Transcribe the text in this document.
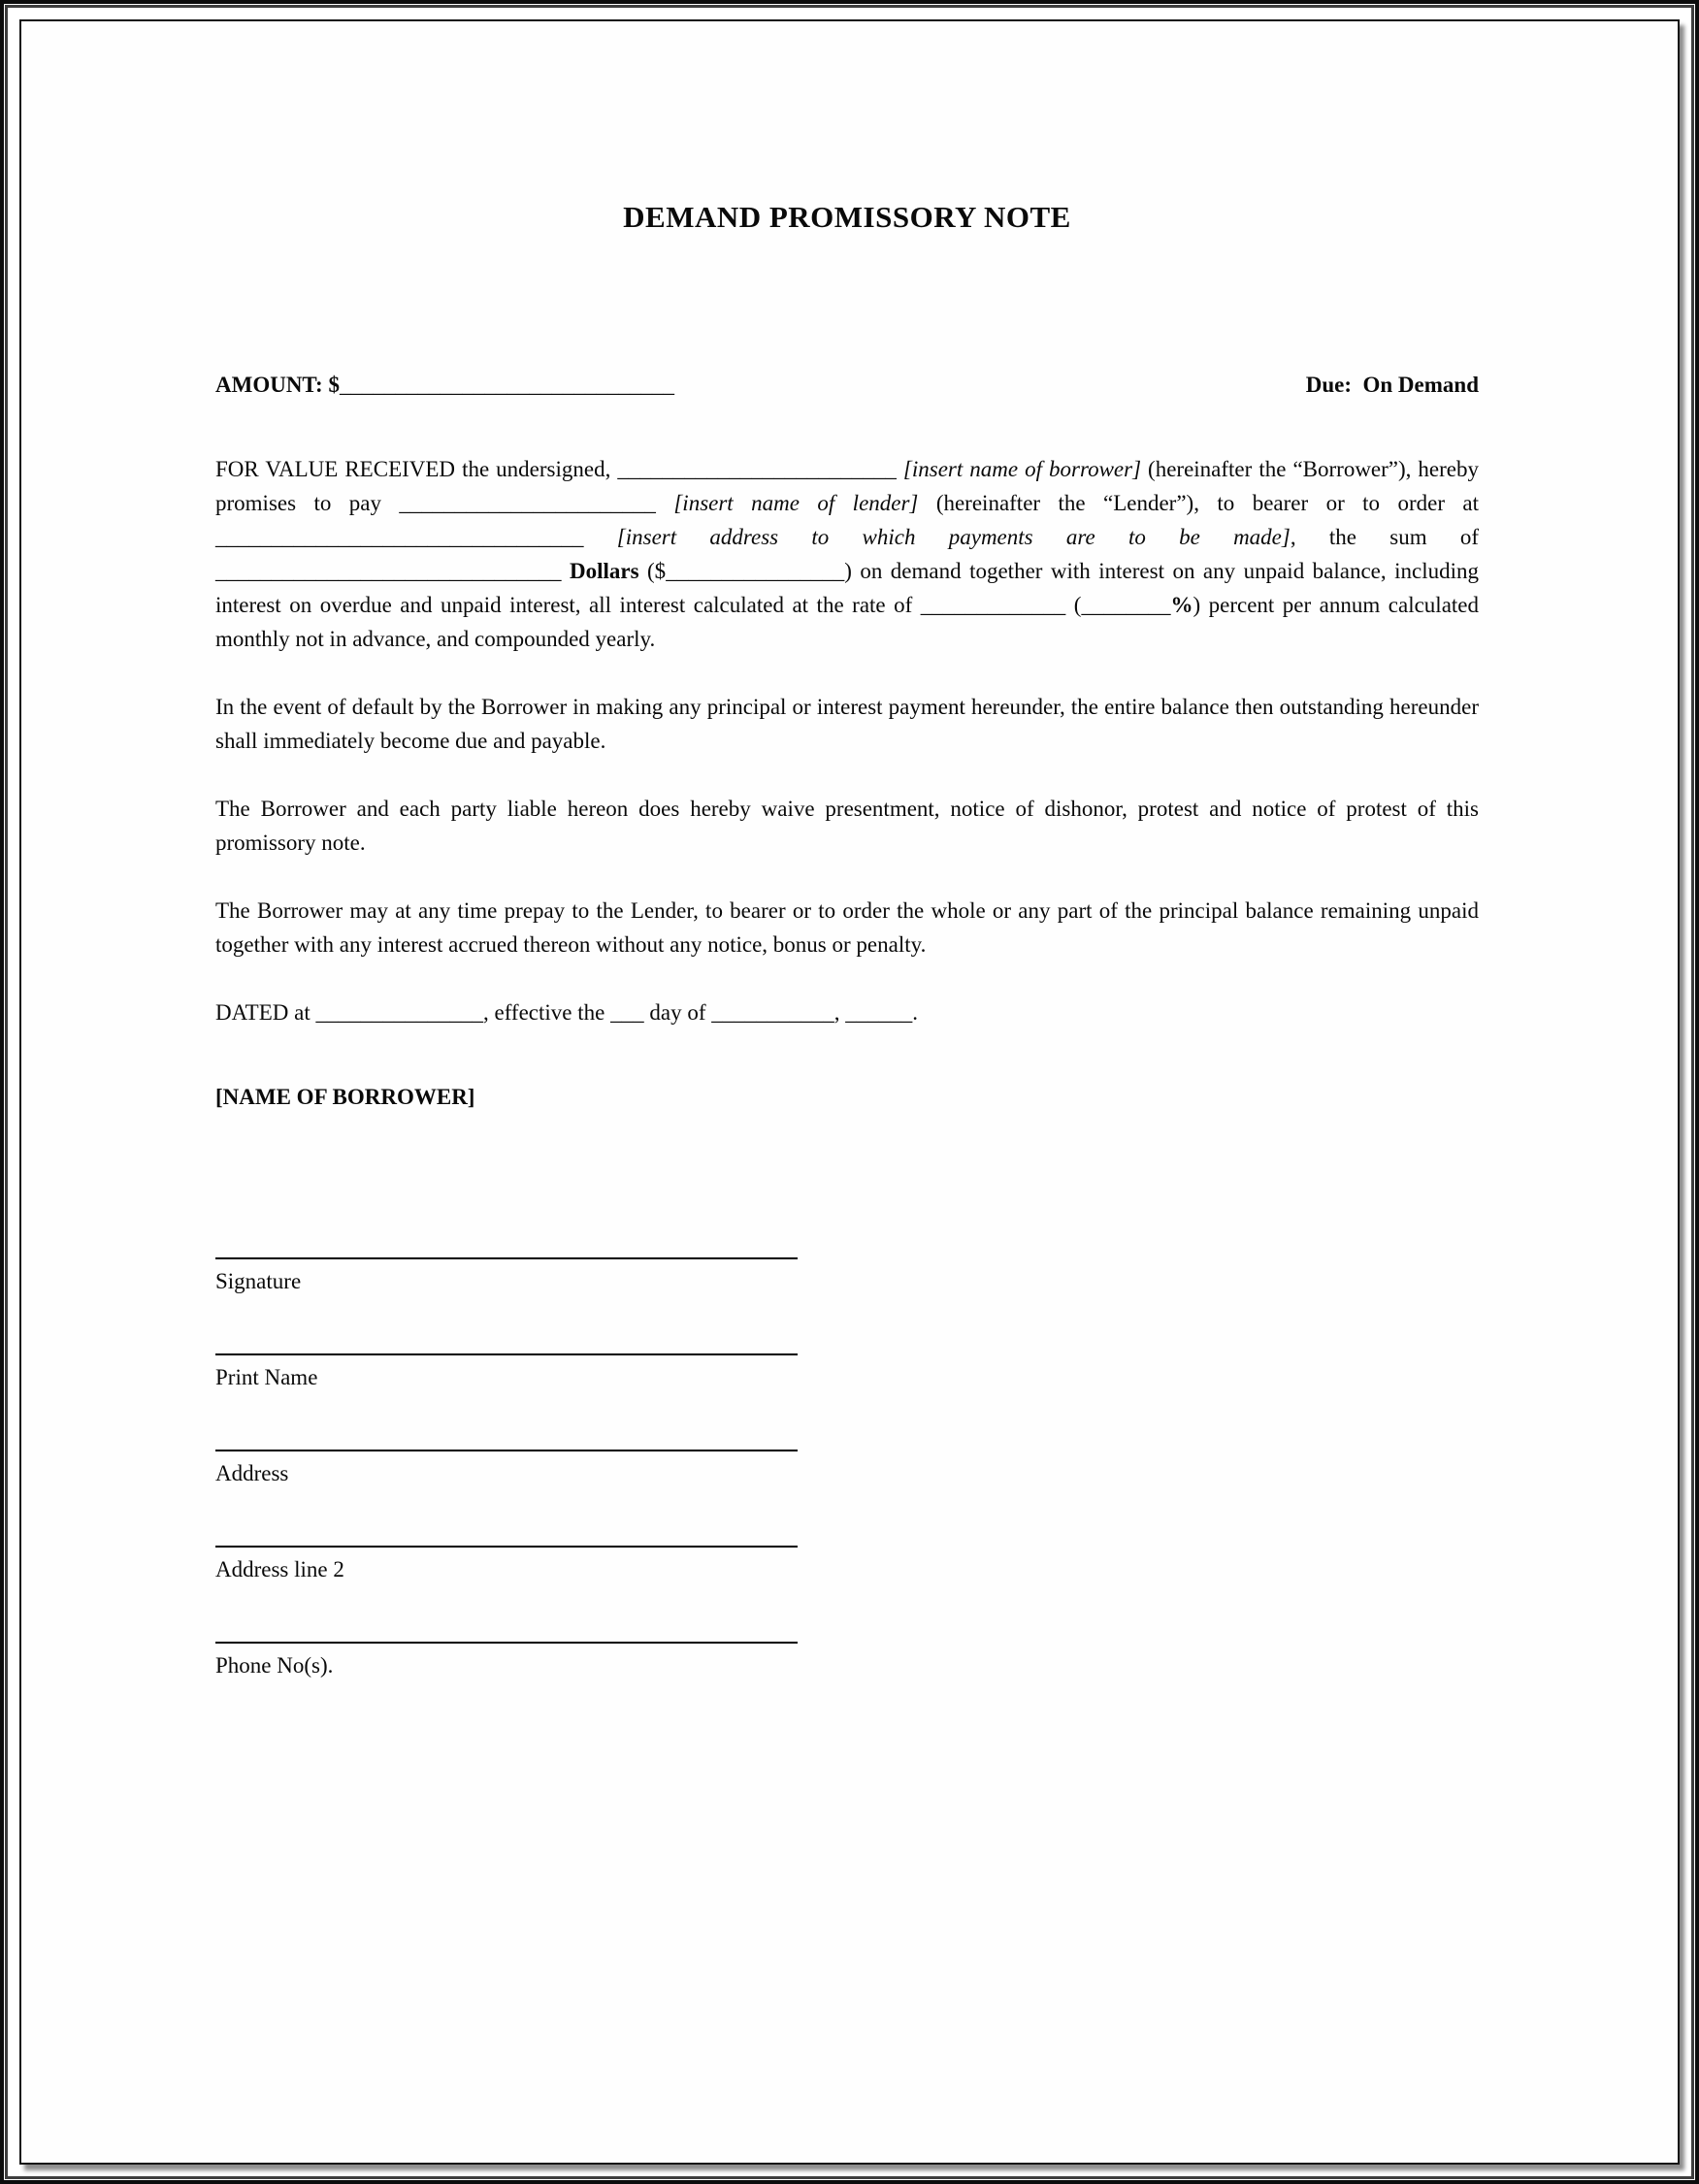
DEMAND PROMISSORY NOTE
AMOUNT: $______________________________	Due:  On Demand

FOR VALUE RECEIVED the undersigned, _________________________ [insert name of borrower] (hereinafter the “Borrower”), hereby promises to pay _______________________ [insert name of lender] (hereinafter the “Lender”), to bearer or to order at _________________________________ [insert address to which payments are to be made], the sum of _______________________________ Dollars ($________________) on demand together with interest on any unpaid balance, including interest on overdue and unpaid interest, all interest calculated at the rate of _____________ (________%) percent per annum calculated monthly not in advance, and compounded yearly.

In the event of default by the Borrower in making any principal or interest payment hereunder, the entire balance then outstanding hereunder shall immediately become due and payable.

The Borrower and each party liable hereon does hereby waive presentment, notice of dishonor, protest and notice of protest of this promissory note.

The Borrower may at any time prepay to the Lender, to bearer or to order the whole or any part of the principal balance remaining unpaid together with any interest accrued thereon without any notice, bonus or penalty.

DATED at _______________, effective the ___ day of ___________, ______.

[NAME OF BORROWER]
Signature
Print Name
Address
Address line 2
Phone No(s).
